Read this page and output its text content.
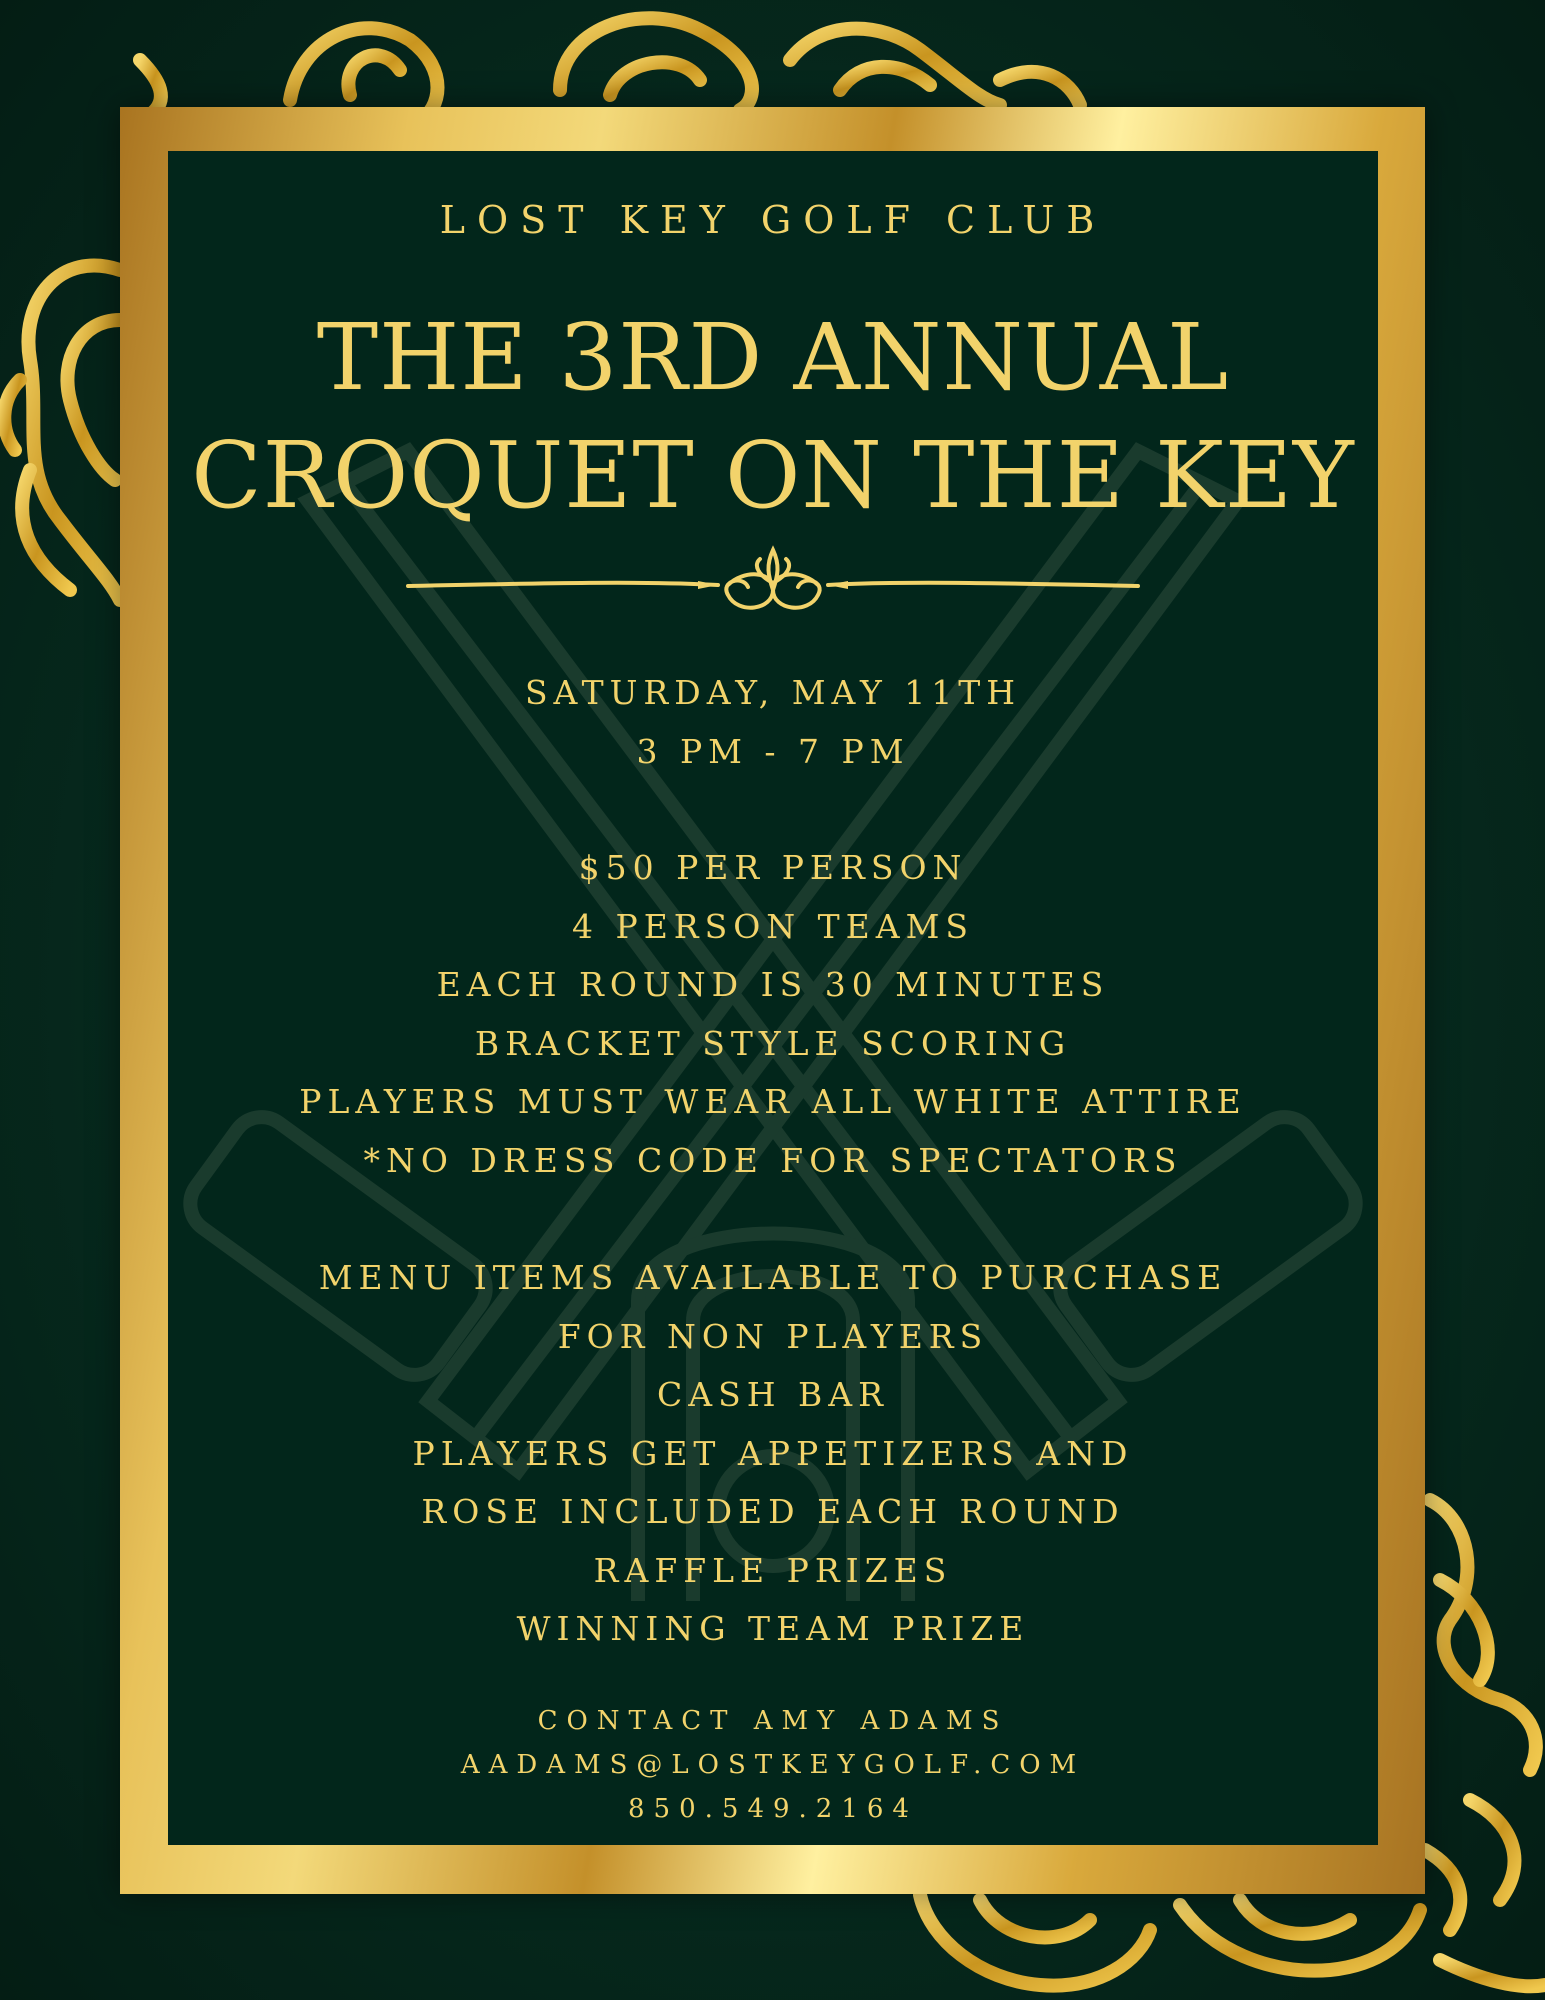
LOST KEY GOLF CLUB
THE 3RD ANNUAL
CROQUET ON THE KEY
SATURDAY, MAY 11TH
3 PM - 7 PM
$50 PER PERSON
4 PERSON TEAMS
EACH ROUND IS 30 MINUTES
BRACKET STYLE SCORING
PLAYERS MUST WEAR ALL WHITE ATTIRE
*NO DRESS CODE FOR SPECTATORS
MENU ITEMS AVAILABLE TO PURCHASE
FOR NON PLAYERS
CASH BAR
PLAYERS GET APPETIZERS AND
ROSE INCLUDED EACH ROUND
RAFFLE PRIZES
WINNING TEAM PRIZE
CONTACT AMY ADAMS
AADAMS@LOSTKEYGOLF.COM
850.549.2164
